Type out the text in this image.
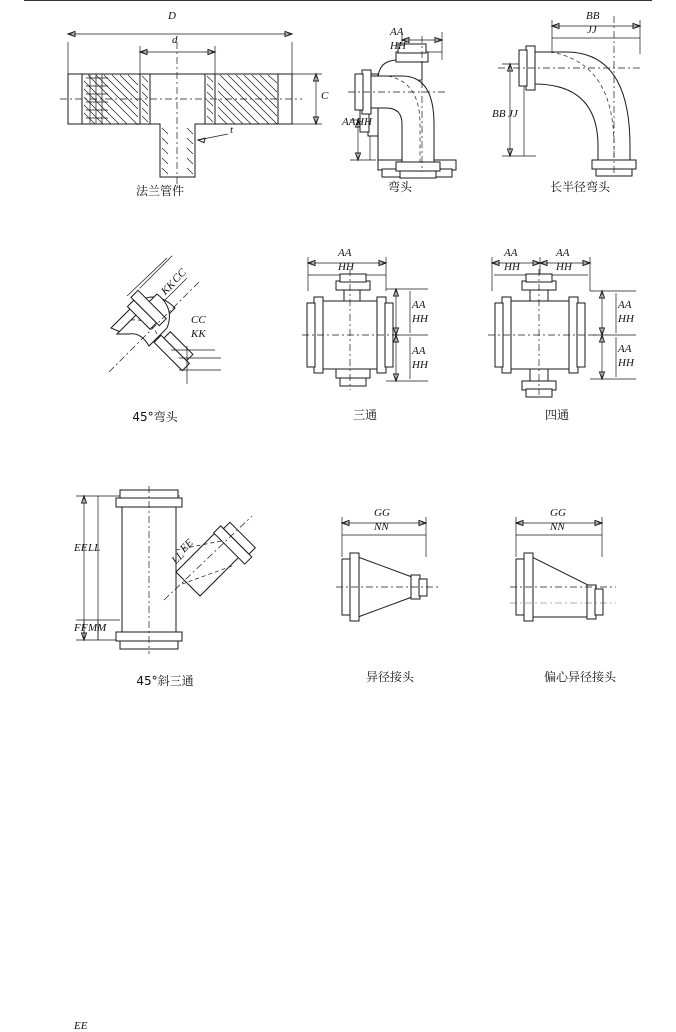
D
d
C
t
法兰管件
AA
HH
AA HH
弯头
BB
JJ
BB JJ
长半径弯头
CC
KK
CC
KK
45°弯头
AA
HH
AA
HH
AA
HH
三通
AA
HH
AA
HH
AA
HH
AA
HH
四通
EE
EE LL	EE
LL
FF MM
45°斜三通
GG
NN
异径接头
GG
NN
偏心异径接头
